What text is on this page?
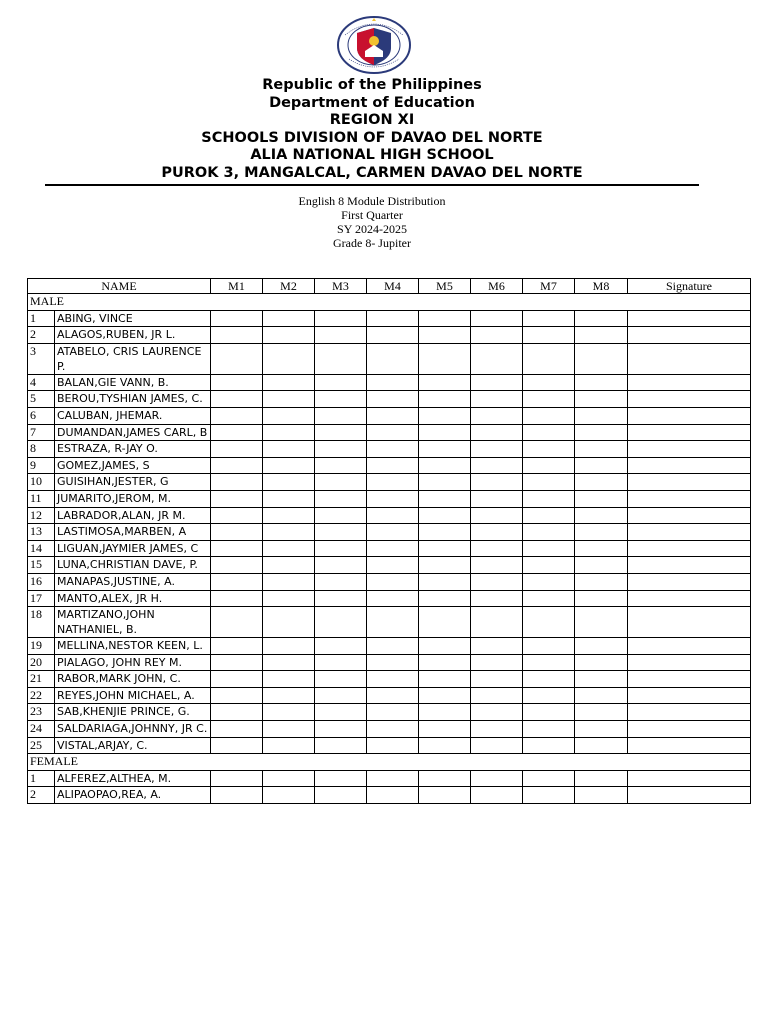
Republic of the Philippines
Department of Education
REGION XI
SCHOOLS DIVISION OF DAVAO DEL NORTE
ALIA NATIONAL HIGH SCHOOL
PUROK 3, MANGALCAL, CARMEN DAVAO DEL NORTE
English 8 Module Distribution
First Quarter
SY 2024-2025
Grade 8- Jupiter
NAME		M1	M2	M3	M4	M5	M6	M7	M8	Signature
MALE										
1	ABING, VINCE									
2	ALAGOS,RUBEN, JR L.									
3	ATABELO, CRIS LAURENCE P.									
4	BALAN,GIE VANN, B.									
5	BEROU,TYSHIAN JAMES, C.									
6	CALUBAN, JHEMAR.									
7	DUMANDAN,JAMES CARL, B									
8	ESTRAZA, R-JAY O.									
9	GOMEZ,JAMES, S									
10	GUISIHAN,JESTER, G									
11	JUMARITO,JEROM, M.									
12	LABRADOR,ALAN, JR M.									
13	LASTIMOSA,MARBEN, A									
14	LIGUAN,JAYMIER JAMES, C									
15	LUNA,CHRISTIAN DAVE, P.									
16	MANAPAS,JUSTINE, A.									
17	MANTO,ALEX, JR H.									
18	MARTIZANO,JOHN NATHANIEL, B.									
19	MELLINA,NESTOR KEEN, L.									
20	PIALAGO, JOHN REY M.									
21	RABOR,MARK JOHN, C.									
22	REYES,JOHN MICHAEL, A.									
23	SAB,KHENJIE PRINCE, G.									
24	SALDARIAGA,JOHNNY, JR C.									
25	VISTAL,ARJAY, C.									
FEMALE										
1	ALFEREZ,ALTHEA, M.									
2	ALIPAOPAO,REA, A.									
